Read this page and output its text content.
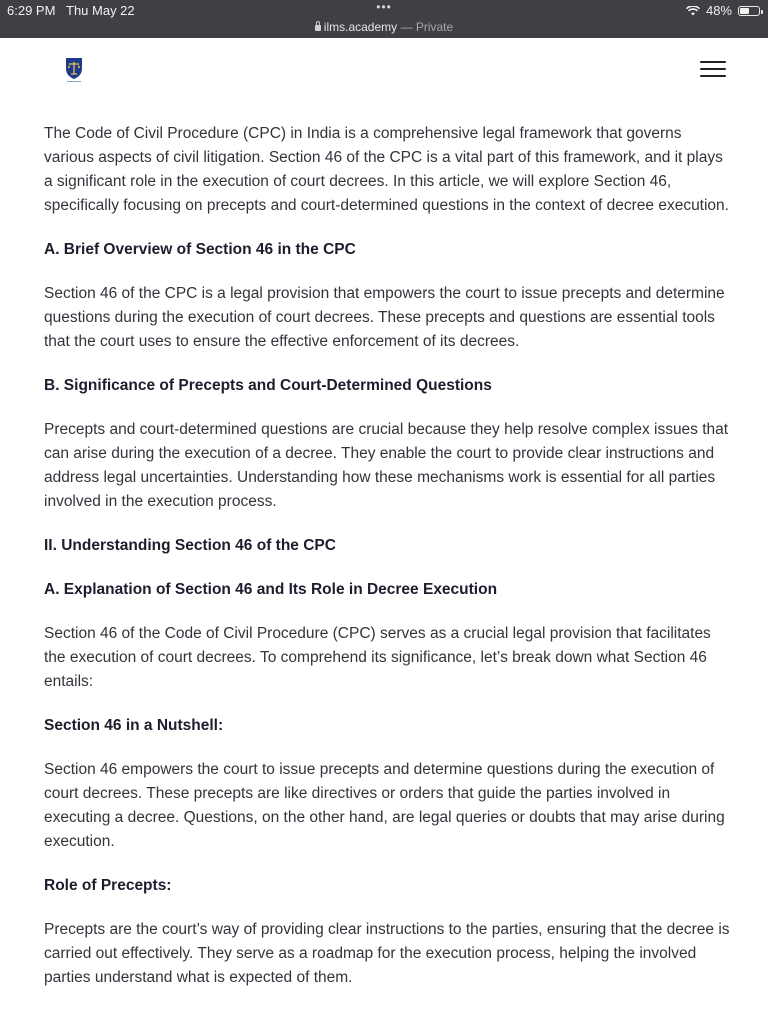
6:29 PM Thu May 22	•••	48%
ilms.academy — Private

The Code of Civil Procedure (CPC) in India is a comprehensive legal framework that governs various aspects of civil litigation. Section 46 of the CPC is a vital part of this framework, and it plays a significant role in the execution of court decrees. In this article, we will explore Section 46, specifically focusing on precepts and court-determined questions in the context of decree execution.

A. Brief Overview of Section 46 in the CPC

Section 46 of the CPC is a legal provision that empowers the court to issue precepts and determine questions during the execution of court decrees. These precepts and questions are essential tools that the court uses to ensure the effective enforcement of its decrees.

B. Significance of Precepts and Court-Determined Questions

Precepts and court-determined questions are crucial because they help resolve complex issues that can arise during the execution of a decree. They enable the court to provide clear instructions and address legal uncertainties. Understanding how these mechanisms work is essential for all parties involved in the execution process.

II. Understanding Section 46 of the CPC
A. Explanation of Section 46 and Its Role in Decree Execution

Section 46 of the Code of Civil Procedure (CPC) serves as a crucial legal provision that facilitates the execution of court decrees. To comprehend its significance, let’s break down what Section 46 entails:

Section 46 in a Nutshell:

Section 46 empowers the court to issue precepts and determine questions during the execution of court decrees. These precepts are like directives or orders that guide the parties involved in executing a decree. Questions, on the other hand, are legal queries or doubts that may arise during execution.

Role of Precepts:

Precepts are the court’s way of providing clear instructions to the parties, ensuring that the decree is carried out effectively. They serve as a roadmap for the execution process, helping the involved parties understand what is expected of them.
